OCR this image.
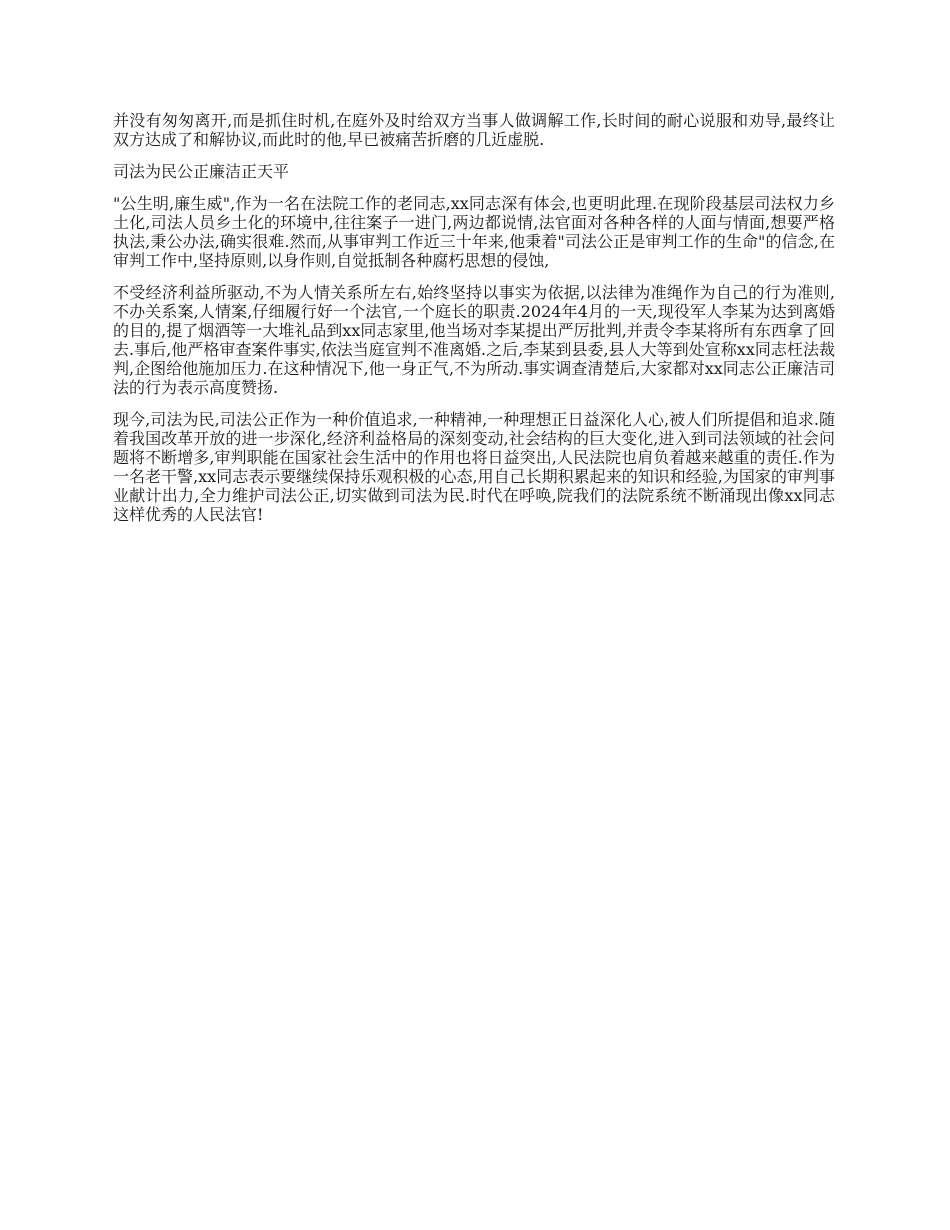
并没有匆匆离开,而是抓住时机,在庭外及时给双方当事人做调解工作,长时间的耐心说服和劝导,最终让双方达成了和解协议,而此时的他,早已被痛苦折磨的几近虚脱.

司法为民公正廉洁正天平

"公生明,廉生威",作为一名在法院工作的老同志,xx同志深有体会,也更明此理.在现阶段基层司法权力乡土化,司法人员乡土化的环境中,往往案子一进门,两边都说情,法官面对各种各样的人面与情面,想要严格执法,秉公办法,确实很难.然而,从事审判工作近三十年来,他秉着"司法公正是审判工作的生命"的信念,在审判工作中,坚持原则,以身作则,自觉抵制各种腐朽思想的侵蚀,

不受经济利益所驱动,不为人情关系所左右,始终坚持以事实为依据,以法律为准绳作为自己的行为准则,不办关系案,人情案,仔细履行好一个法官,一个庭长的职责.2024年4月的一天,现役军人李某为达到离婚的目的,提了烟酒等一大堆礼品到xx同志家里,他当场对李某提出严厉批判,并责令李某将所有东西拿了回去.事后,他严格审查案件事实,依法当庭宣判不准离婚.之后,李某到县委,县人大等到处宣称xx同志枉法裁判,企图给他施加压力.在这种情况下,他一身正气,不为所动.事实调查清楚后,大家都对xx同志公正廉洁司法的行为表示高度赞扬.

现今,司法为民,司法公正作为一种价值追求,一种精神,一种理想正日益深化人心,被人们所提倡和追求.随着我国改革开放的进一步深化,经济利益格局的深刻变动,社会结构的巨大变化,进入到司法领域的社会问题将不断增多,审判职能在国家社会生活中的作用也将日益突出,人民法院也肩负着越来越重的责任.作为一名老干警,xx同志表示要继续保持乐观积极的心态,用自己长期积累起来的知识和经验,为国家的审判事业献计出力,全力维护司法公正,切实做到司法为民.时代在呼唤,院我们的法院系统不断涌现出像xx同志这样优秀的人民法官!
